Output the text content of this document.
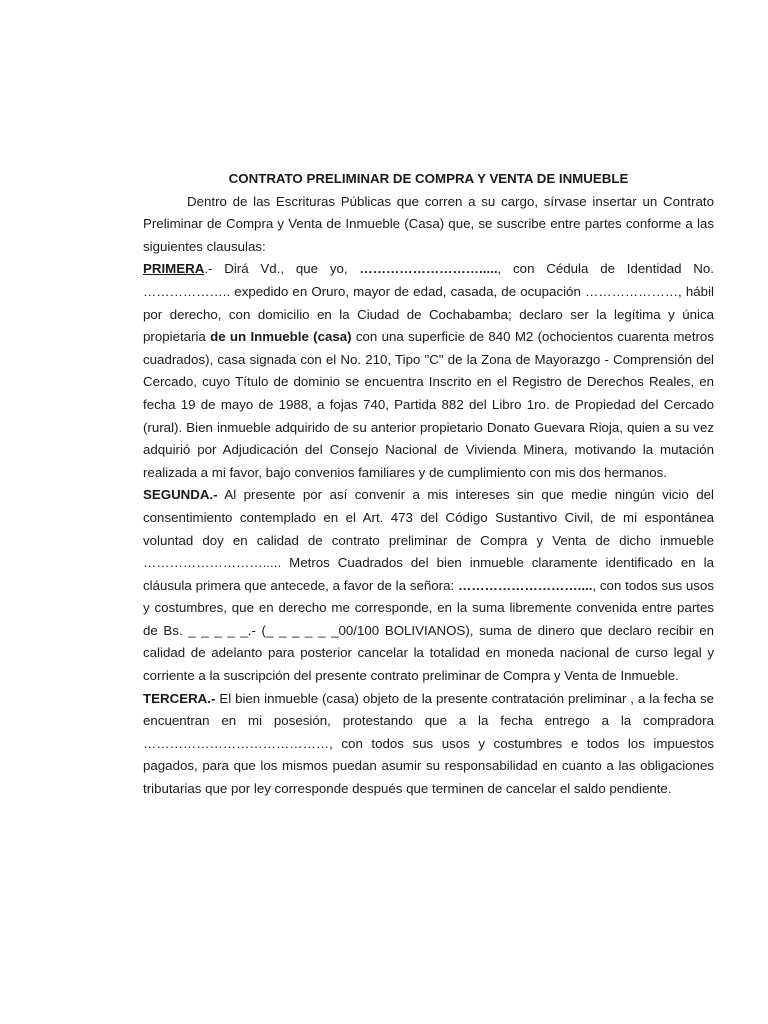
CONTRATO PRELIMINAR DE COMPRA Y VENTA DE INMUEBLE

Dentro de las Escrituras Públicas que corren a su cargo, sírvase insertar un Contrato Preliminar de Compra y Venta de Inmueble (Casa) que, se suscribe entre partes conforme a las siguientes clausulas:

PRIMERA.- Dirá Vd., que yo, ………………………....., con Cédula de Identidad No. ……………….. expedido en Oruro, mayor de edad, casada, de ocupación …………………, hábil por derecho, con domicilio en la Ciudad de Cochabamba; declaro ser la legítima y única propietaria de un Inmueble (casa) con una superficie de 840 M2 (ochocientos cuarenta metros cuadrados), casa signada con el No. 210, Tipo "C" de la Zona de Mayorazgo - Comprensión del Cercado, cuyo Título de dominio se encuentra Inscrito en el Registro de Derechos Reales, en fecha 19 de mayo de 1988, a fojas 740, Partida 882 del Libro 1ro. de Propiedad del Cercado (rural). Bien inmueble adquirido de su anterior propietario Donato Guevara Rioja, quien a su vez adquirió por Adjudicación del Consejo Nacional de Vivienda Minera, motivando la mutación realizada a mi favor, bajo convenios familiares y de cumplimiento con mis dos hermanos.

SEGUNDA.- Al presente por así convenir a mis intereses sin que medie ningún vicio del consentimiento contemplado en el Art. 473 del Código Sustantivo Civil, de mi espontánea voluntad doy en calidad de contrato preliminar de Compra y Venta de dicho inmueble ………………………..... Metros Cuadrados del bien inmueble claramente identificado en la cláusula primera que antecede, a favor de la señora: ………………………...., con todos sus usos y costumbres, que en derecho me corresponde, en la suma libremente convenida entre partes de Bs. _ _ _ _ _.- (_ _ _ _ _ _00/100 BOLIVIANOS), suma de dinero que declaro recibir en calidad de adelanto para posterior cancelar la totalidad en moneda nacional de curso legal y corriente a la suscripción del presente contrato preliminar de Compra y Venta de Inmueble.

TERCERA.- El bien inmueble (casa) objeto de la presente contratación preliminar , a la fecha se encuentran en mi posesión, protestando que a la fecha entrego a la compradora ……………………………………, con todos sus usos y costumbres e todos los impuestos pagados, para que los mismos puedan asumir su responsabilidad en cuanto a las obligaciones tributarias que por ley corresponde después que terminen de cancelar el saldo pendiente.
